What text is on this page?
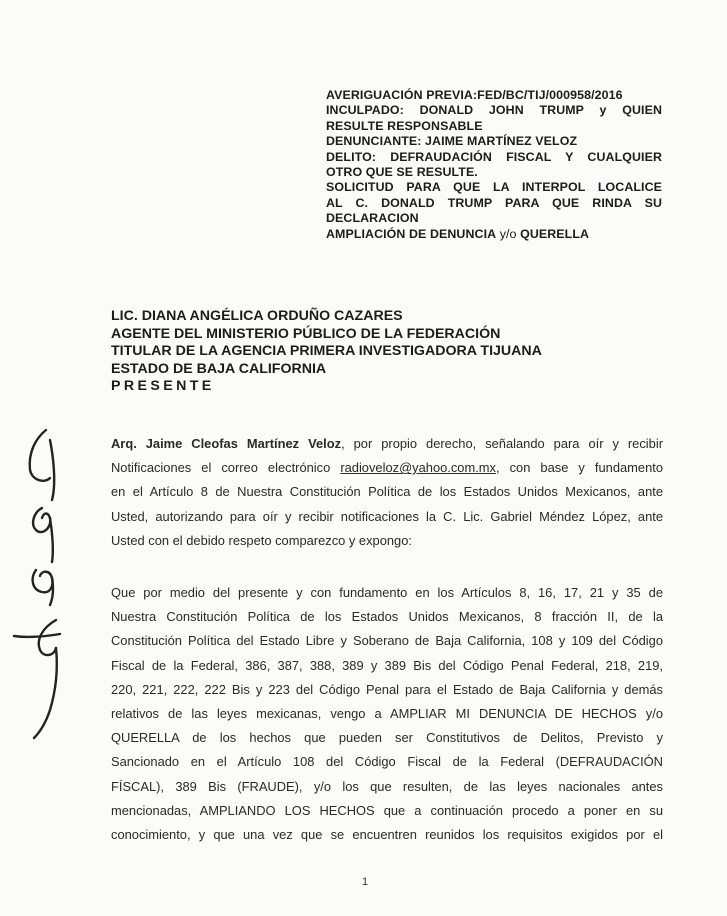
AVERIGUACIÓN PREVIA:FED/BC/TIJ/000958/2016
INCULPADO: DONALD JOHN TRUMP y QUIEN
RESULTE RESPONSABLE
DENUNCIANTE: JAIME MARTÍNEZ VELOZ
DELITO: DEFRAUDACIÓN FISCAL Y CUALQUIER
OTRO QUE SE RESULTE.
SOLICITUD PARA QUE LA INTERPOL LOCALICE
AL C. DONALD TRUMP PARA QUE RINDA SU
DECLARACION
AMPLIACIÓN DE DENUNCIA y/o QUERELLA
LIC. DIANA ANGÉLICA ORDUÑO CAZARES
AGENTE DEL MINISTERIO PÚBLICO DE LA FEDERACIÓN
TITULAR DE LA AGENCIA PRIMERA INVESTIGADORA TIJUANA
ESTADO DE BAJA CALIFORNIA
PRESENTE
Arq. Jaime Cleofas Martínez Veloz, por propio derecho, señalando para oír y recibir
Notificaciones el correo electrónico radioveloz@yahoo.com.mx, con base y fundamento
en el Artículo 8 de Nuestra Constitución Política de los Estados Unidos Mexicanos, ante
Usted, autorizando para oír y recibir notificaciones la C. Lic. Gabriel Méndez López, ante
Usted con el debido respeto comparezco y expongo:
Que por medio del presente y con fundamento en los Artículos 8, 16, 17, 21 y 35 de
Nuestra Constitución Política de los Estados Unidos Mexicanos, 8 fracción II, de la
Constitución Política del Estado Libre y Soberano de Baja California, 108 y 109 del Código
Fiscal de la Federal, 386, 387, 388, 389 y 389 Bis del Código Penal Federal, 218, 219,
220, 221, 222, 222 Bis y 223 del Código Penal para el Estado de Baja California y demás
relativos de las leyes mexicanas, vengo a AMPLIAR MI DENUNCIA DE HECHOS y/o
QUERELLA de los hechos que pueden ser Constitutivos de Delitos, Previsto y
Sancionado en el Artículo 108 del Código Fiscal de la Federal (DEFRAUDACIÓN
FÍSCAL), 389 Bis (FRAUDE), y/o los que resulten, de las leyes nacionales antes
mencionadas, AMPLIANDO LOS HECHOS que a continuación procedo a poner en su
conocimiento, y que una vez que se encuentren reunidos los requisitos exigidos por el
1
